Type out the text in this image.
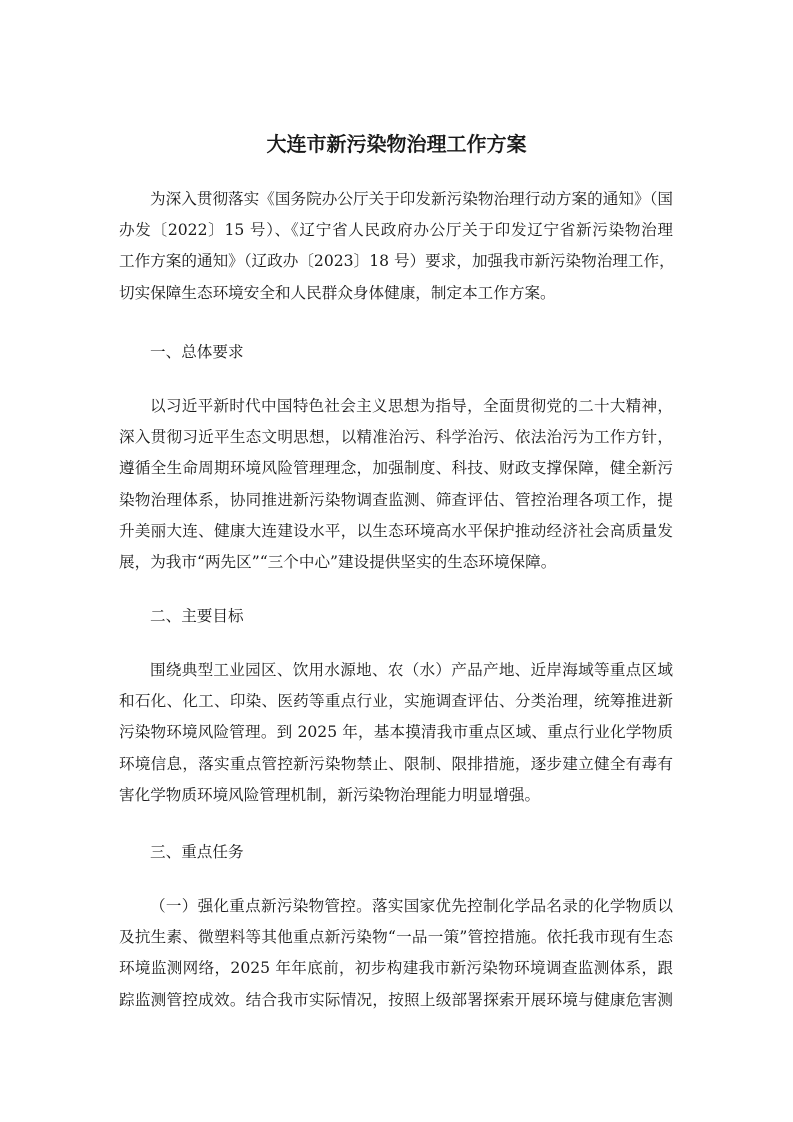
大连市新污染物治理工作方案
为深入贯彻落实《国务院办公厅关于印发新污染物治理行动方案的通知》（国
办发〔2022〕15 号）、《辽宁省人民政府办公厅关于印发辽宁省新污染物治理
工作方案的通知》（辽政办〔2023〕18 号）要求，加强我市新污染物治理工作，
切实保障生态环境安全和人民群众身体健康，制定本工作方案。
一、总体要求
以习近平新时代中国特色社会主义思想为指导，全面贯彻党的二十大精神，
深入贯彻习近平生态文明思想，以精准治污、科学治污、依法治污为工作方针，
遵循全生命周期环境风险管理理念，加强制度、科技、财政支撑保障，健全新污
染物治理体系，协同推进新污染物调查监测、筛查评估、管控治理各项工作，提
升美丽大连、健康大连建设水平，以生态环境高水平保护推动经济社会高质量发
展，为我市“两先区”“三个中心”建设提供坚实的生态环境保障。
二、主要目标
围绕典型工业园区、饮用水源地、农（水）产品产地、近岸海域等重点区域
和石化、化工、印染、医药等重点行业，实施调查评估、分类治理，统筹推进新
污染物环境风险管理。到 2025 年，基本摸清我市重点区域、重点行业化学物质
环境信息，落实重点管控新污染物禁止、限制、限排措施，逐步建立健全有毒有
害化学物质环境风险管理机制，新污染物治理能力明显增强。
三、重点任务
（一）强化重点新污染物管控。落实国家优先控制化学品名录的化学物质以
及抗生素、微塑料等其他重点新污染物“一品一策”管控措施。依托我市现有生态
环境监测网络，2025 年年底前，初步构建我市新污染物环境调查监测体系，跟
踪监测管控成效。结合我市实际情况，按照上级部署探索开展环境与健康危害测
